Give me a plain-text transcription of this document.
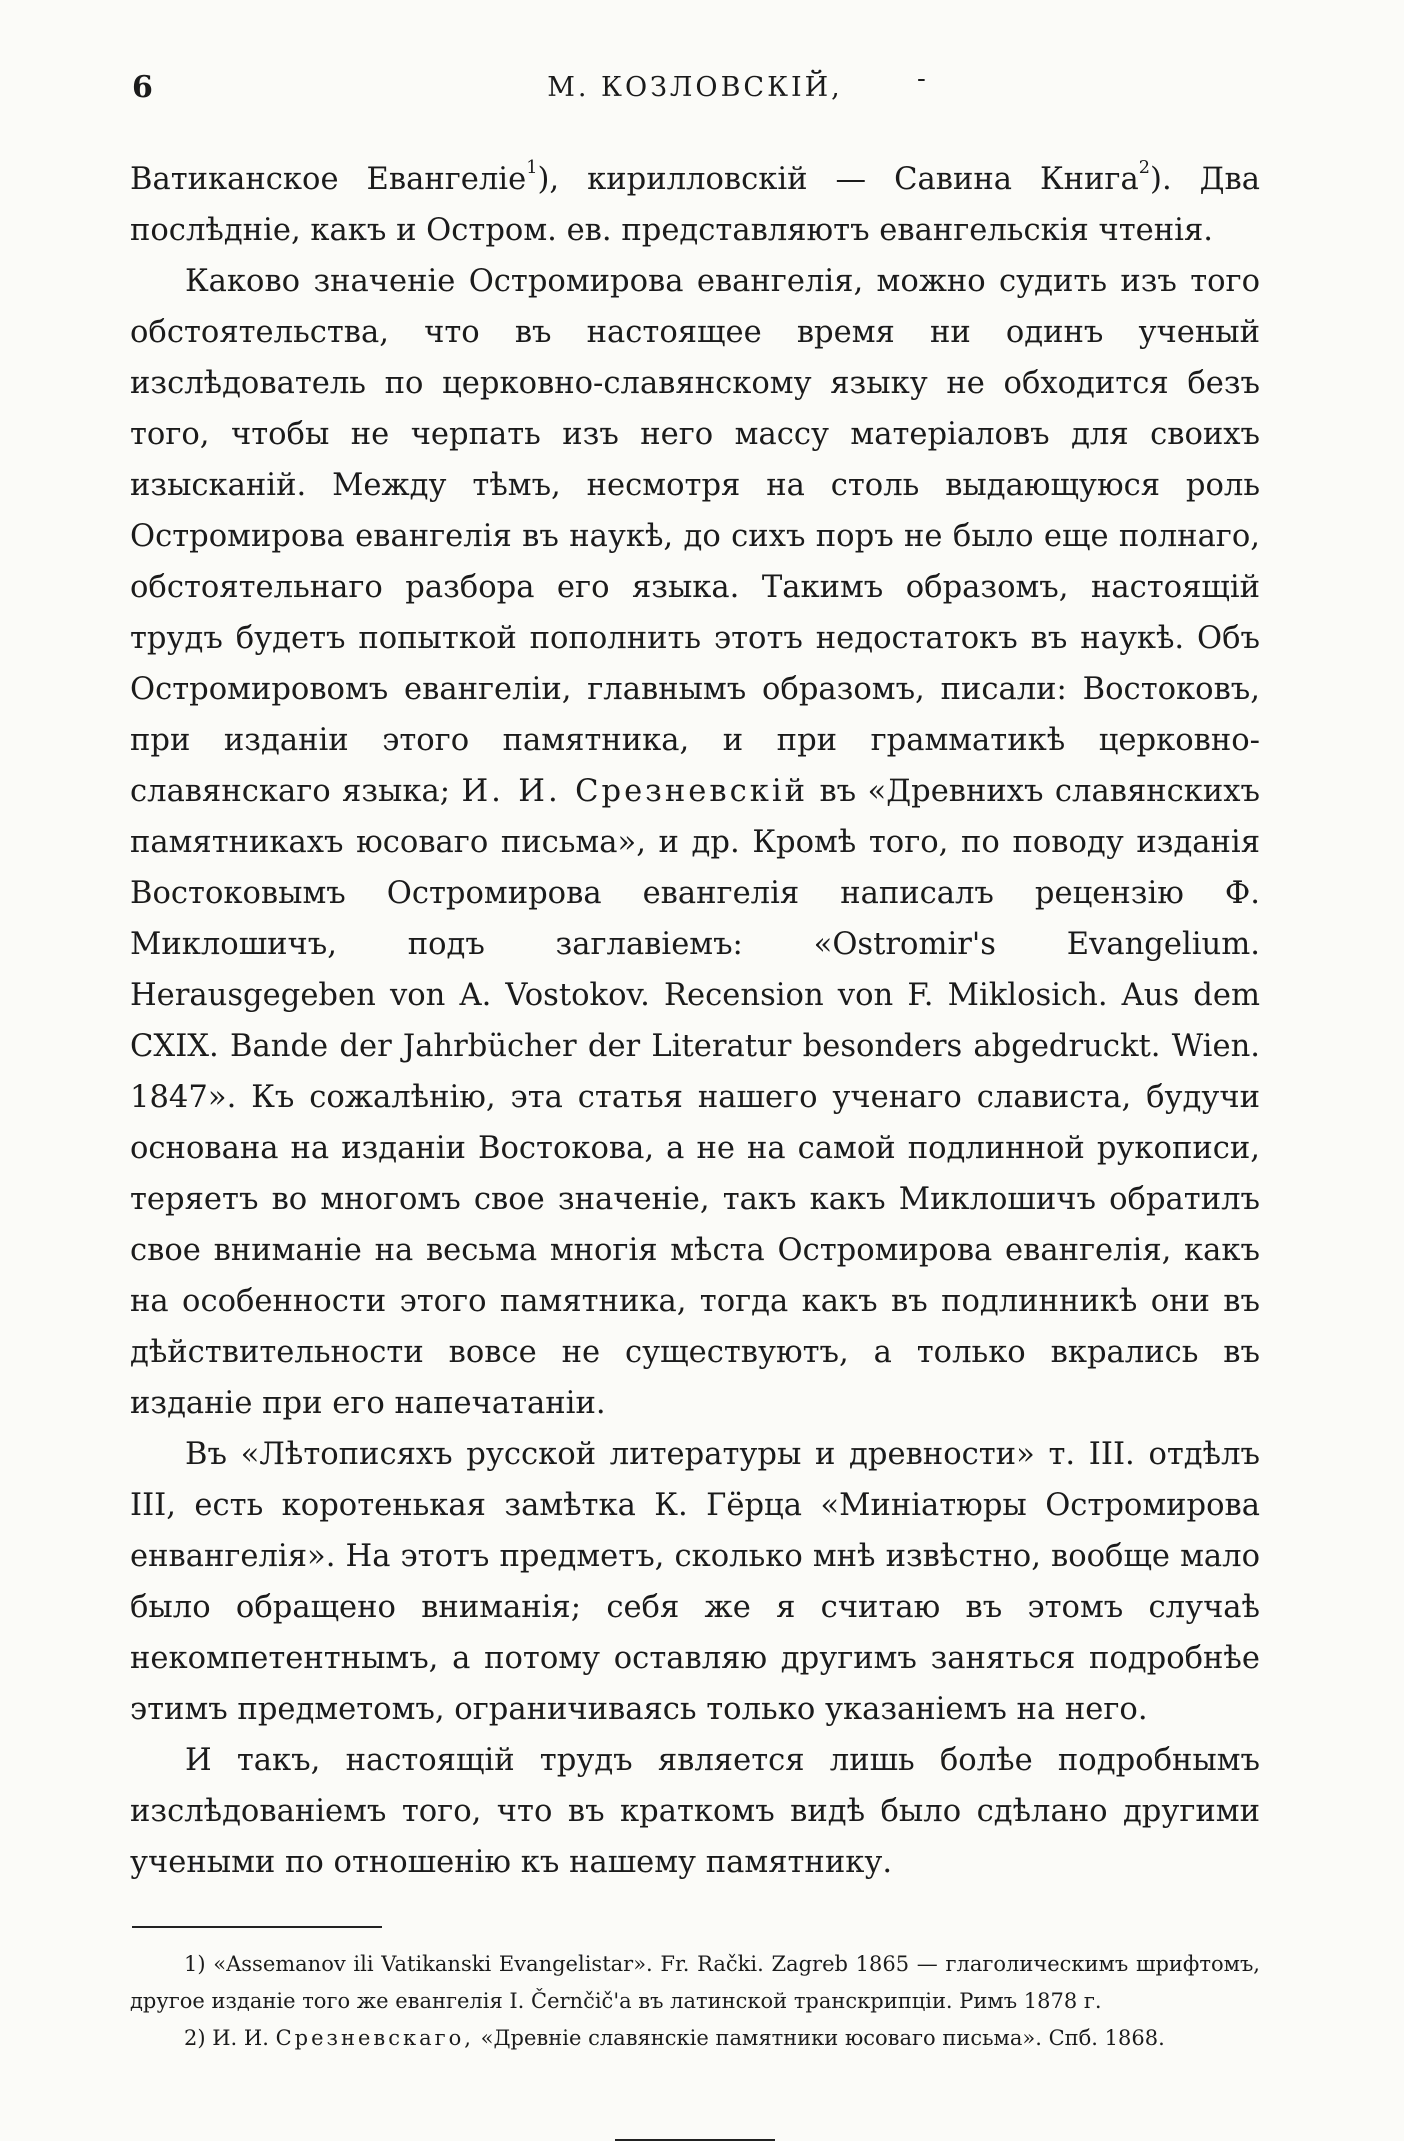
6	М. КОЗЛОВСКІЙ,	-

Ватиканское Евангеліе$^1$), кирилловскій — Савина Книга$^2$). Два послѣдніе, какъ и Остром. ев. представляютъ евангельскія чтенія.

Каково значеніе Остромирова евангелія, можно судить изъ того обстоятельства, что въ настоящее время ни одинъ ученый изслѣдователь по церковно-славянскому языку не обходится безъ того, чтобы не черпать изъ него массу матеріаловъ для своихъ изысканій. Между тѣмъ, несмотря на столь выдающуюся роль Остромирова евангелія въ наукѣ, до сихъ поръ не было еще полнаго, обстоятельнаго разбора его языка. Такимъ образомъ, настоящій трудъ будетъ попыткой пополнить этотъ недостатокъ въ наукѣ. Объ Остромировомъ евангеліи, главнымъ образомъ, писали: Востоковъ, при изданіи этого памятника, и при грамматикѣ церковно-славянскаго языка; И. И. Срезневскій въ «Древнихъ славянскихъ памятникахъ юсоваго письма», и др. Кромѣ того, по поводу изданія Востоковымъ Остромирова евангелія написалъ рецензію Ф. Миклошичъ, подъ заглавіемъ: «Ostromir's Evangelium. Herausgegeben von A. Vostokov. Recension von F. Miklosich. Aus dem CXIX. Bande der Jahrbücher der Literatur besonders abgedruckt. Wien. 1847». Къ сожалѣнію, эта статья нашего ученаго слависта, будучи основана на изданіи Востокова, а не на самой подлинной рукописи, теряетъ во многомъ свое значеніе, такъ какъ Миклошичъ обратилъ свое вниманіе на весьма многія мѣста Остромирова евангелія, какъ на особенности этого памятника, тогда какъ въ подлинникѣ они въ дѣйствительности вовсе не существуютъ, а только вкрались въ изданіе при его напечатаніи.

Въ «Лѣтописяхъ русской литературы и древности» т. III. отдѣлъ III, есть коротенькая замѣтка К. Гёрца «Миніатюры Остромирова енвангелія». На этотъ предметъ, сколько мнѣ извѣстно, вообще мало было обращено вниманія; себя же я считаю въ этомъ случаѣ некомпетентнымъ, а потому оставляю другимъ заняться подробнѣе этимъ предметомъ, ограничиваясь только указаніемъ на него.

И такъ, настоящій трудъ является лишь болѣе подробнымъ изслѣдованіемъ того, что въ краткомъ видѣ было сдѣлано другими учеными по отношенію къ нашему памятнику.

1) «Assemanov ili Vatikanski Evangelistar». Fr. Rački. Zagreb 1865 — глаголическимъ шрифтомъ, другое изданіе того же евангелія I. Černčič'a въ латинской транскрипціи. Римъ 1878 г.

2) И. И. Срезневскаго, «Древніе славянскіе памятники юсоваго письма». Спб. 1868.
